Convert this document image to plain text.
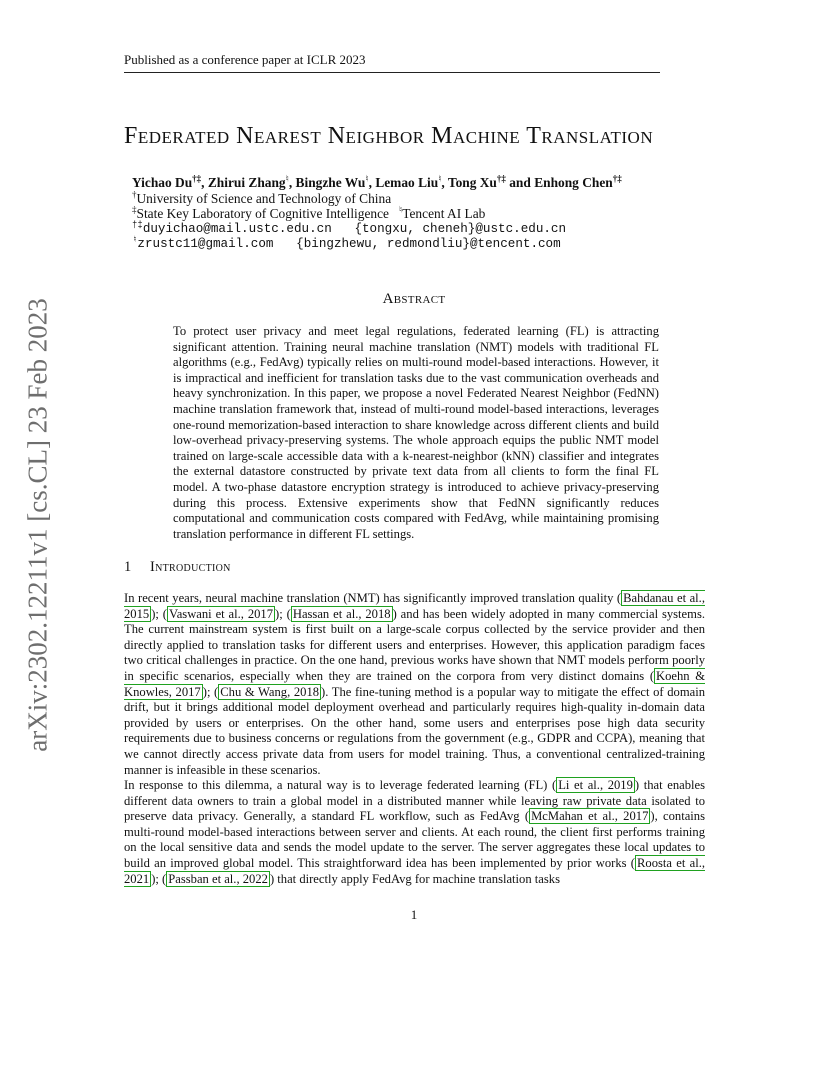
Published as a conference paper at ICLR 2023
arXiv:2302.12211v1 [cs.CL] 23 Feb 2023
Federated Nearest Neighbor Machine Translation
Yichao Du†‡, Zhirui Zhang♮, Bingzhe Wu♮, Lemao Liu♮, Tong Xu†‡ and Enhong Chen†‡
†University of Science and Technology of China
‡State Key Laboratory of Cognitive Intelligence ♮Tencent AI Lab
†‡duyichao@mail.ustc.edu.cn {tongxu, cheneh}@ustc.edu.cn
♮zrustc11@gmail.com {bingzhewu, redmondliu}@tencent.com
Abstract

To protect user privacy and meet legal regulations, federated learning (FL) is attracting significant attention. Training neural machine translation (NMT) models with traditional FL algorithms (e.g., FedAvg) typically relies on multi-round model-based interactions. However, it is impractical and inefficient for translation tasks due to the vast communication overheads and heavy synchronization. In this paper, we propose a novel Federated Nearest Neighbor (FedNN) machine translation framework that, instead of multi-round model-based interactions, leverages one-round memorization-based interaction to share knowledge across different clients and build low-overhead privacy-preserving systems. The whole approach equips the public NMT model trained on large-scale accessible data with a k-nearest-neighbor (kNN) classifier and integrates the external datastore constructed by private text data from all clients to form the final FL model. A two-phase datastore encryption strategy is introduced to achieve privacy-preserving during this process. Extensive experiments show that FedNN significantly reduces computational and communication costs compared with FedAvg, while maintaining promising translation performance in different FL settings.

1 Introduction

In recent years, neural machine translation (NMT) has significantly improved translation quality ( Bahdanau et al., 2015 ); ( Vaswani et al., 2017 ); ( Hassan et al., 2018 ) and has been widely adopted in many commercial systems. The current mainstream system is first built on a large-scale corpus collected by the service provider and then directly applied to translation tasks for different users and enterprises. However, this application paradigm faces two critical challenges in practice. On the one hand, previous works have shown that NMT models perform poorly in specific scenarios, especially when they are trained on the corpora from very distinct domains ( Koehn & Knowles, 2017 ); ( Chu & Wang, 2018 ). The fine-tuning method is a popular way to mitigate the effect of domain drift, but it brings additional model deployment overhead and particularly requires high-quality in-domain data provided by users or enterprises. On the other hand, some users and enterprises pose high data security requirements due to business concerns or regulations from the government (e.g., GDPR and CCPA), meaning that we cannot directly access private data from users for model training. Thus, a conventional centralized-training manner is infeasible in these scenarios.

In response to this dilemma, a natural way is to leverage federated learning (FL) ( Li et al., 2019 ) that enables different data owners to train a global model in a distributed manner while leaving raw private data isolated to preserve data privacy. Generally, a standard FL workflow, such as FedAvg ( McMahan et al., 2017 ), contains multi-round model-based interactions between server and clients. At each round, the client first performs training on the local sensitive data and sends the model update to the server. The server aggregates these local updates to build an improved global model. This straightforward idea has been implemented by prior works ( Roosta et al., 2021 ); ( Passban et al., 2022 ) that directly apply FedAvg for machine translation tasks

1
